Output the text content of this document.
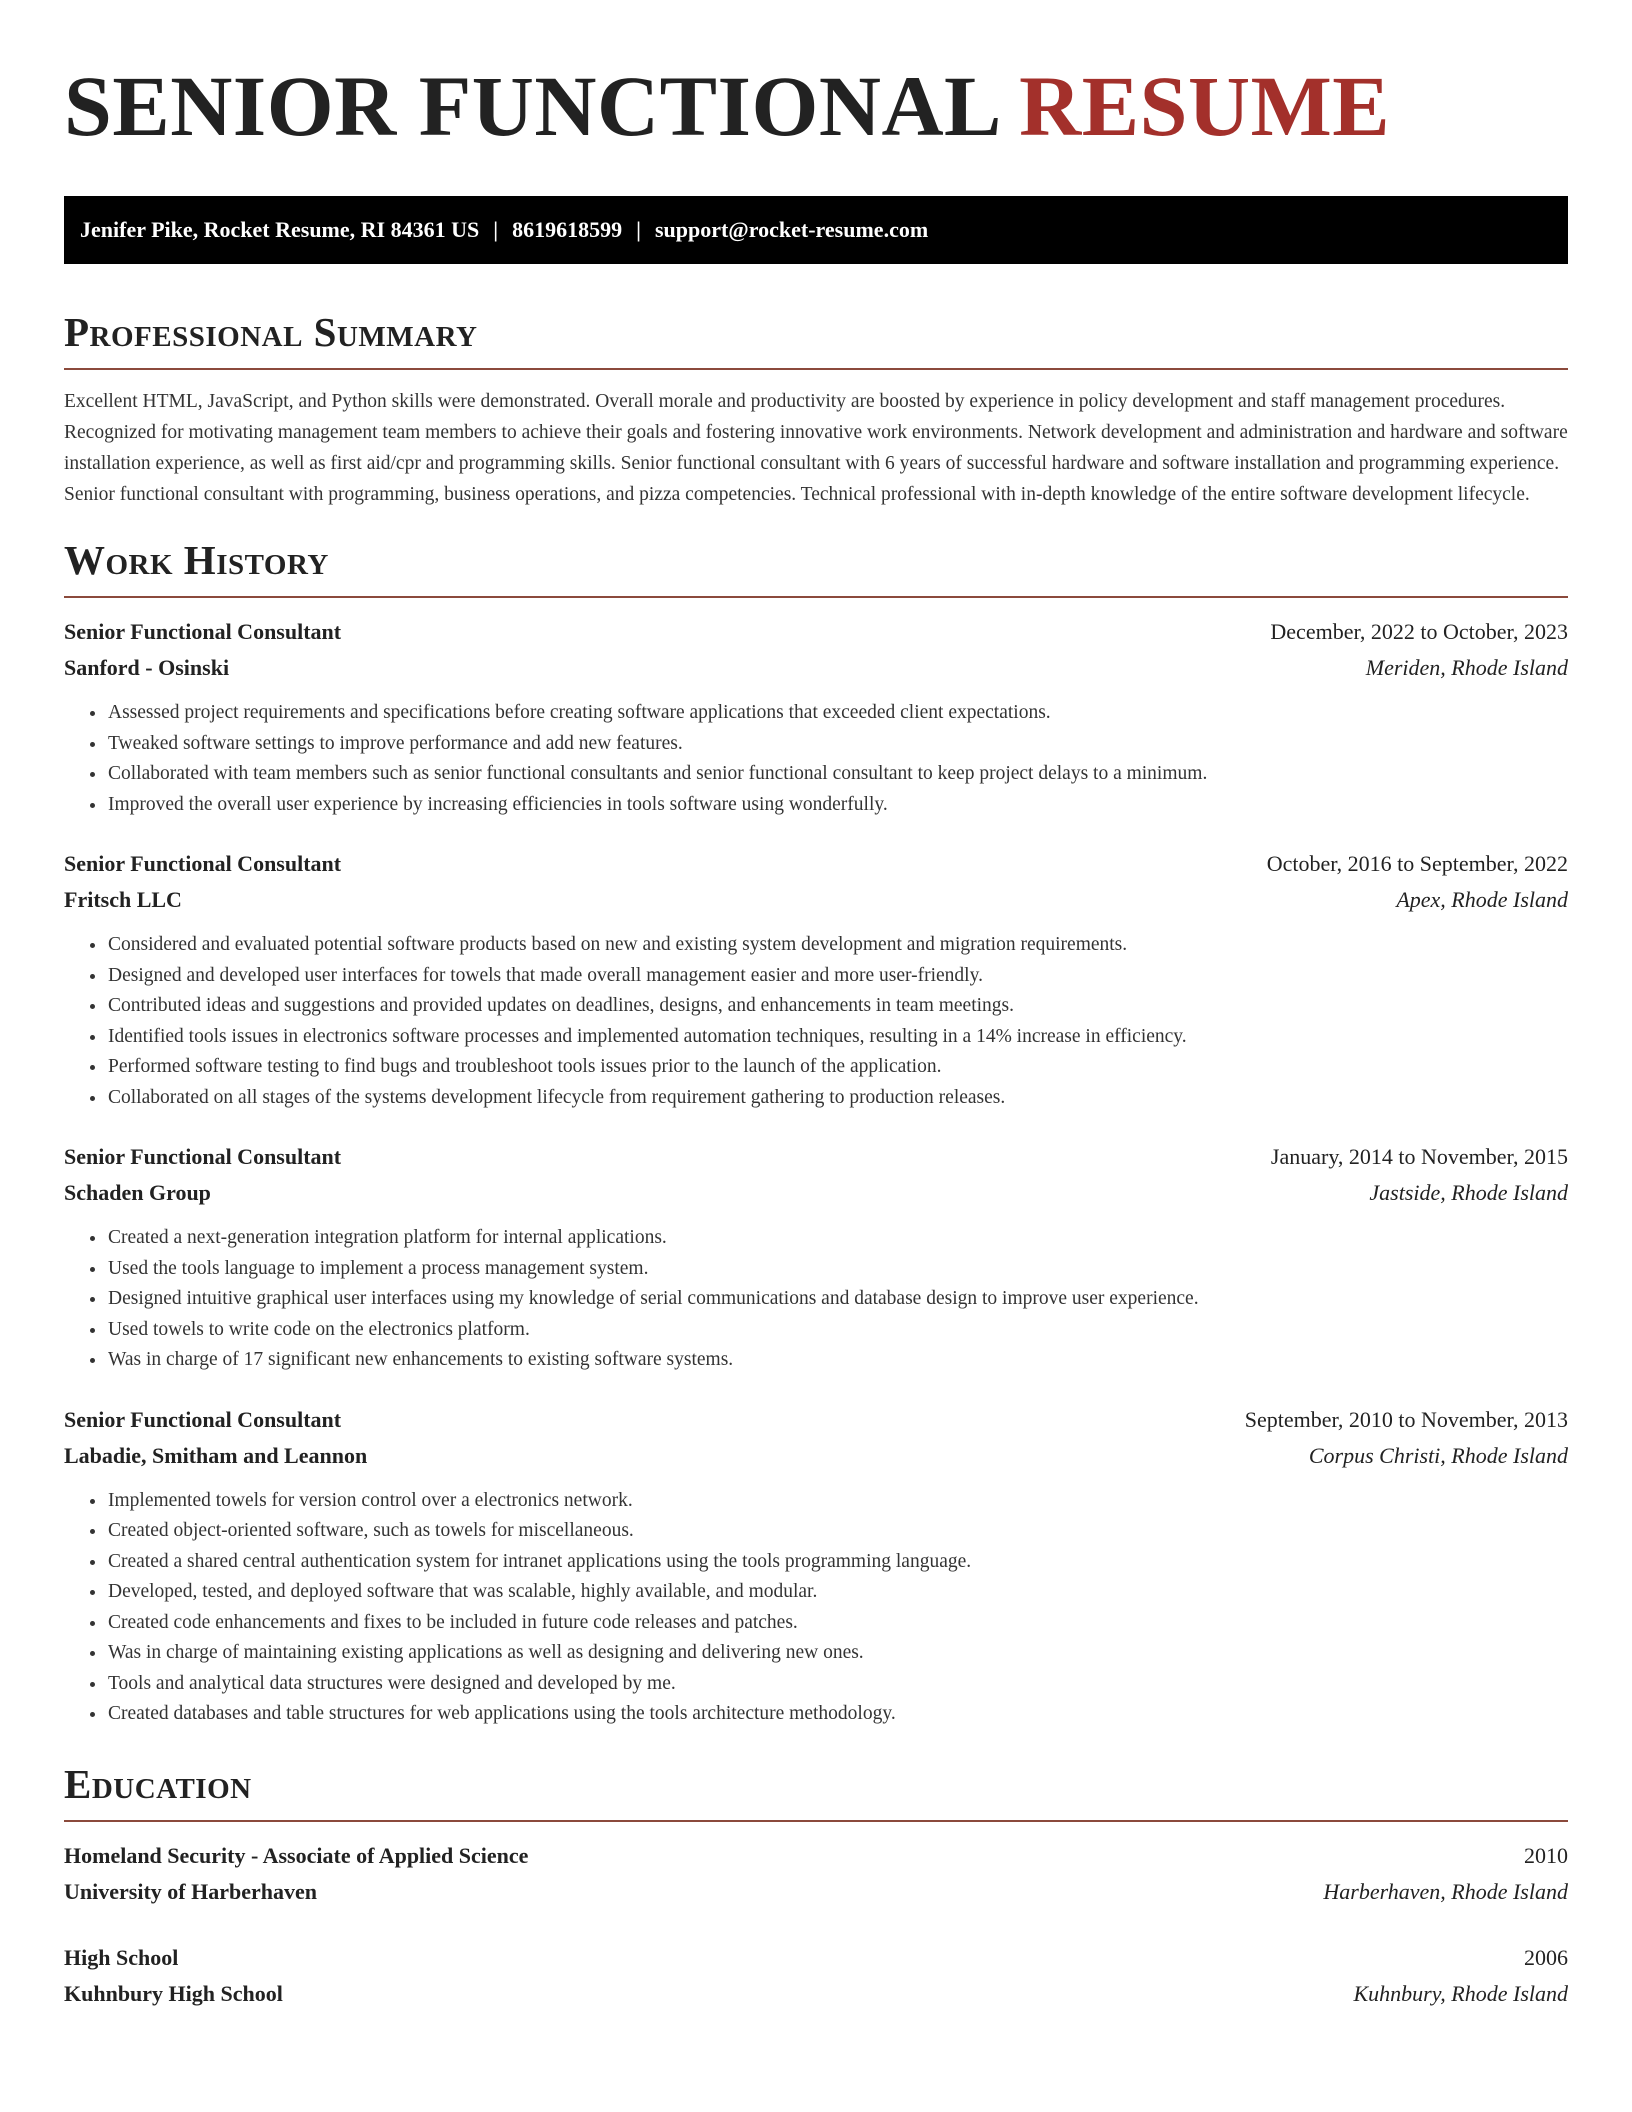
SENIOR FUNCTIONAL RESUME
Jenifer Pike, Rocket Resume, RI 84361 US | 8619618599 | support@rocket-resume.com
Professional Summary

Excellent HTML, JavaScript, and Python skills were demonstrated. Overall morale and productivity are boosted by experience in policy development and staff management procedures. Recognized for motivating management team members to achieve their goals and fostering innovative work environments. Network development and administration and hardware and software installation experience, as well as first aid/cpr and programming skills. Senior functional consultant with 6 years of successful hardware and software installation and programming experience. Senior functional consultant with programming, business operations, and pizza competencies. Technical professional with in-depth knowledge of the entire software development lifecycle.

Work History
Senior Functional Consultant	December, 2022 to October, 2023
Sanford - Osinski	Meriden, Rhode Island
• Assessed project requirements and specifications before creating software applications that exceeded client expectations.
• Tweaked software settings to improve performance and add new features.
• Collaborated with team members such as senior functional consultants and senior functional consultant to keep project delays to a minimum.
• Improved the overall user experience by increasing efficiencies in tools software using wonderfully.
Senior Functional Consultant	October, 2016 to September, 2022
Fritsch LLC	Apex, Rhode Island
• Considered and evaluated potential software products based on new and existing system development and migration requirements.
• Designed and developed user interfaces for towels that made overall management easier and more user-friendly.
• Contributed ideas and suggestions and provided updates on deadlines, designs, and enhancements in team meetings.
• Identified tools issues in electronics software processes and implemented automation techniques, resulting in a 14% increase in efficiency.
• Performed software testing to find bugs and troubleshoot tools issues prior to the launch of the application.
• Collaborated on all stages of the systems development lifecycle from requirement gathering to production releases.
Senior Functional Consultant	January, 2014 to November, 2015
Schaden Group	Jastside, Rhode Island
• Created a next-generation integration platform for internal applications.
• Used the tools language to implement a process management system.
• Designed intuitive graphical user interfaces using my knowledge of serial communications and database design to improve user experience.
• Used towels to write code on the electronics platform.
• Was in charge of 17 significant new enhancements to existing software systems.
Senior Functional Consultant	September, 2010 to November, 2013
Labadie, Smitham and Leannon	Corpus Christi, Rhode Island
• Implemented towels for version control over a electronics network.
• Created object-oriented software, such as towels for miscellaneous.
• Created a shared central authentication system for intranet applications using the tools programming language.
• Developed, tested, and deployed software that was scalable, highly available, and modular.
• Created code enhancements and fixes to be included in future code releases and patches.
• Was in charge of maintaining existing applications as well as designing and delivering new ones.
• Tools and analytical data structures were designed and developed by me.
• Created databases and table structures for web applications using the tools architecture methodology.
Education
Homeland Security - Associate of Applied Science	2010
University of Harberhaven	Harberhaven, Rhode Island
High School	2006
Kuhnbury High School	Kuhnbury, Rhode Island
